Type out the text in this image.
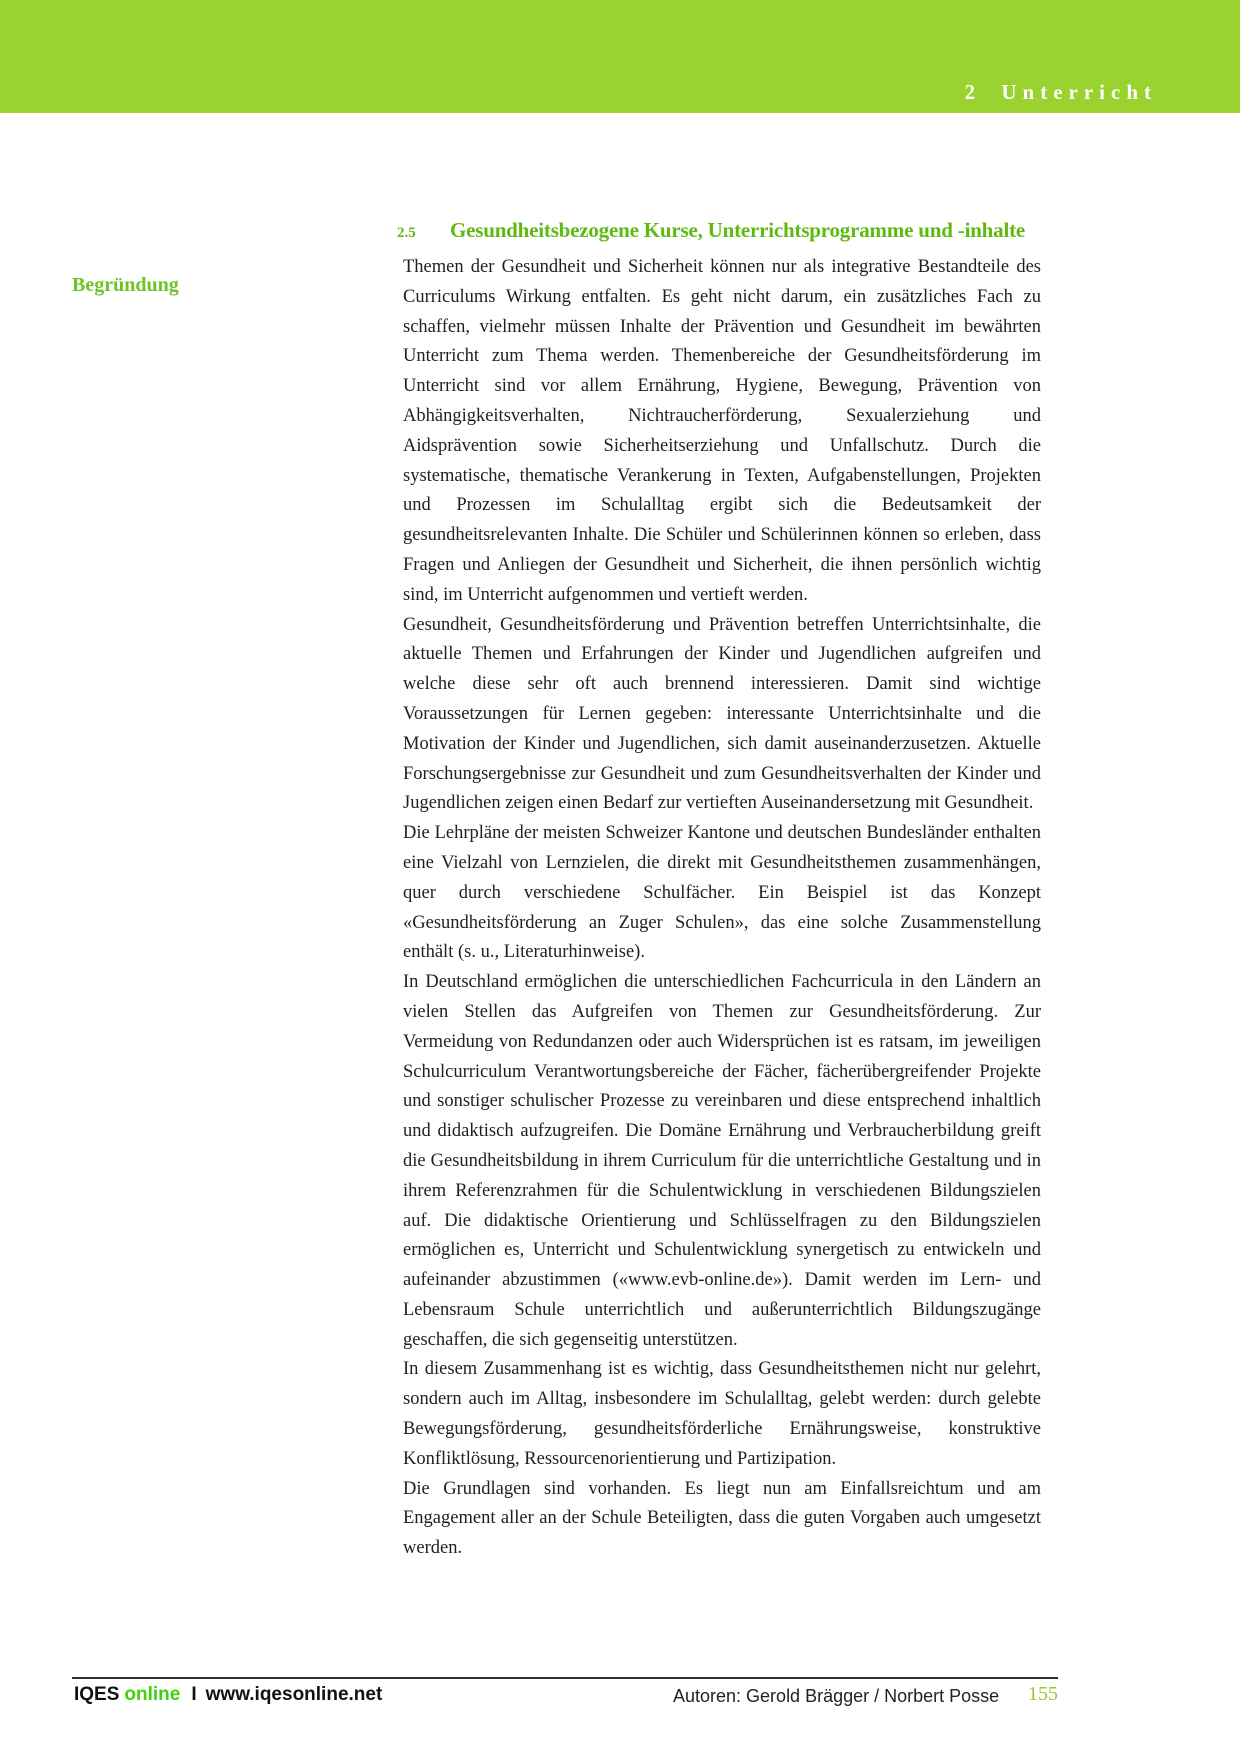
2 Unterricht
2.5	Gesundheitsbezogene Kurse, Unterrichtsprogramme und -inhalte
Begründung

Themen der Gesundheit und Sicherheit können nur als integrative Bestandteile des Curriculums Wirkung entfalten. Es geht nicht darum, ein zusätzliches Fach zu schaffen, vielmehr müssen Inhalte der Prävention und Gesundheit im bewährten Unterricht zum Thema werden. Themenbereiche der Gesundheitsförderung im Unterricht sind vor allem Ernährung, Hygiene, Bewegung, Prävention von Abhängigkeitsverhalten, Nichtraucherförderung, Sexualerziehung und Aidsprävention sowie Sicherheitserziehung und Unfallschutz. Durch die systematische, thematische Verankerung in Texten, Aufgabenstellungen, Projekten und Prozessen im Schulalltag ergibt sich die Bedeutsamkeit der gesundheitsrelevanten Inhalte. Die Schüler und Schülerinnen können so erleben, dass Fragen und Anliegen der Gesundheit und Sicherheit, die ihnen persönlich wichtig sind, im Unterricht aufgenommen und vertieft werden.

Gesundheit, Gesundheitsförderung und Prävention betreffen Unterrichtsinhalte, die aktuelle Themen und Erfahrungen der Kinder und Jugendlichen aufgreifen und welche diese sehr oft auch brennend interessieren. Damit sind wichtige Voraussetzungen für Lernen gegeben: interessante Unterrichtsinhalte und die Motivation der Kinder und Jugendlichen, sich damit auseinanderzusetzen. Aktuelle Forschungsergebnisse zur Gesundheit und zum Gesundheitsverhalten der Kinder und Jugendlichen zeigen einen Bedarf zur vertieften Auseinandersetzung mit Gesundheit.

Die Lehrpläne der meisten Schweizer Kantone und deutschen Bundesländer enthalten eine Vielzahl von Lernzielen, die direkt mit Gesundheitsthemen zusammenhängen, quer durch verschiedene Schulfächer. Ein Beispiel ist das Konzept «Gesundheitsförderung an Zuger Schulen», das eine solche Zusammenstellung enthält (s. u., Literaturhinweise).

In Deutschland ermöglichen die unterschiedlichen Fachcurricula in den Ländern an vielen Stellen das Aufgreifen von Themen zur Gesundheitsförderung. Zur Vermeidung von Redundanzen oder auch Widersprüchen ist es ratsam, im jeweiligen Schulcurriculum Verantwortungsbereiche der Fächer, fächerübergreifender Projekte und sonstiger schulischer Prozesse zu vereinbaren und diese entsprechend inhaltlich und didaktisch aufzugreifen. Die Domäne Ernährung und Verbraucherbildung greift die Gesundheitsbildung in ihrem Curriculum für die unterrichtliche Gestaltung und in ihrem Referenzrahmen für die Schulentwicklung in verschiedenen Bildungszielen auf. Die didaktische Orientierung und Schlüsselfragen zu den Bildungszielen ermöglichen es, Unterricht und Schulentwicklung synergetisch zu entwickeln und aufeinander abzustimmen («www.evb-online.de»). Damit werden im Lern- und Lebensraum Schule unterrichtlich und außerunterrichtlich Bildungszugänge geschaffen, die sich gegenseitig unterstützen.

In diesem Zusammenhang ist es wichtig, dass Gesundheitsthemen nicht nur gelehrt, sondern auch im Alltag, insbesondere im Schulalltag, gelebt werden: durch gelebte Bewegungsförderung, gesundheitsförderliche Ernährungsweise, konstruktive Konfliktlösung, Ressourcenorientierung und Partizipation.

Die Grundlagen sind vorhanden. Es liegt nun am Einfallsreichtum und am Engagement aller an der Schule Beteiligten, dass die guten Vorgaben auch umgesetzt werden.

IQES online I www.iqesonline.net	Autoren: Gerold Brägger / Norbert Posse 155
